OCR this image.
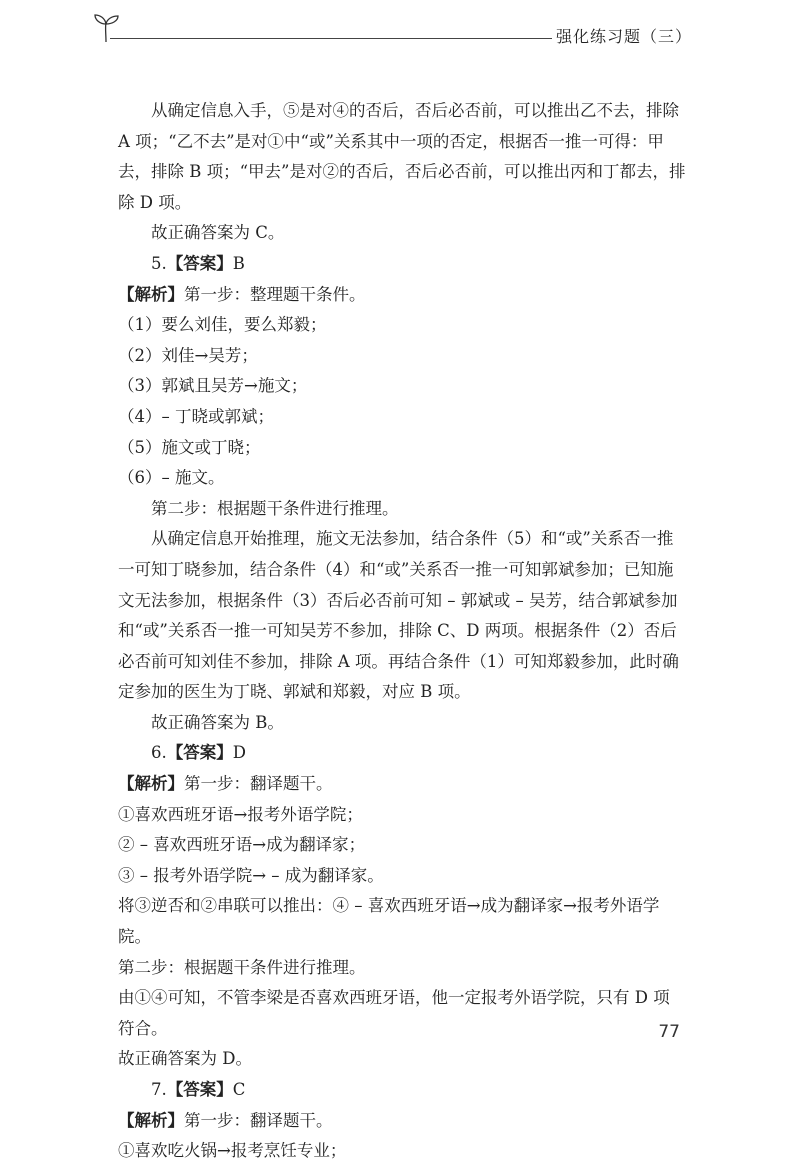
强化练习题（三）

从确定信息入手，⑤是对④的否后，否后必否前，可以推出乙不去，排除 A 项；“乙不去”是对①中“或”关系其中一项的否定，根据否一推一可得：甲去，排除 B 项；“甲去”是对②的否后，否后必否前，可以推出丙和丁都去，排除 D 项。

故正确答案为 C。

5.【答案】B

【解析】第一步：整理题干条件。

（1）要么刘佳，要么郑毅；

（2）刘佳→吴芳；

（3）郭斌且吴芳→施文；

（4）– 丁晓或郭斌；

（5）施文或丁晓；

（6）– 施文。

第二步：根据题干条件进行推理。

从确定信息开始推理，施文无法参加，结合条件（5）和“或”关系否一推一可知丁晓参加，结合条件（4）和“或”关系否一推一可知郭斌参加；已知施文无法参加，根据条件（3）否后必否前可知 – 郭斌或 – 吴芳，结合郭斌参加和“或”关系否一推一可知吴芳不参加，排除 C、D 两项。根据条件（2）否后必否前可知刘佳不参加，排除 A 项。再结合条件（1）可知郑毅参加，此时确定参加的医生为丁晓、郭斌和郑毅，对应 B 项。

故正确答案为 B。

6.【答案】D

【解析】第一步：翻译题干。

①喜欢西班牙语→报考外语学院；

② – 喜欢西班牙语→成为翻译家；

③ – 报考外语学院→ – 成为翻译家。

将③逆否和②串联可以推出：④ – 喜欢西班牙语→成为翻译家→报考外语学院。

第二步：根据题干条件进行推理。

由①④可知，不管李梁是否喜欢西班牙语，他一定报考外语学院，只有 D 项符合。

故正确答案为 D。

7.【答案】C

【解析】第一步：翻译题干。

①喜欢吃火锅→报考烹饪专业；

77
